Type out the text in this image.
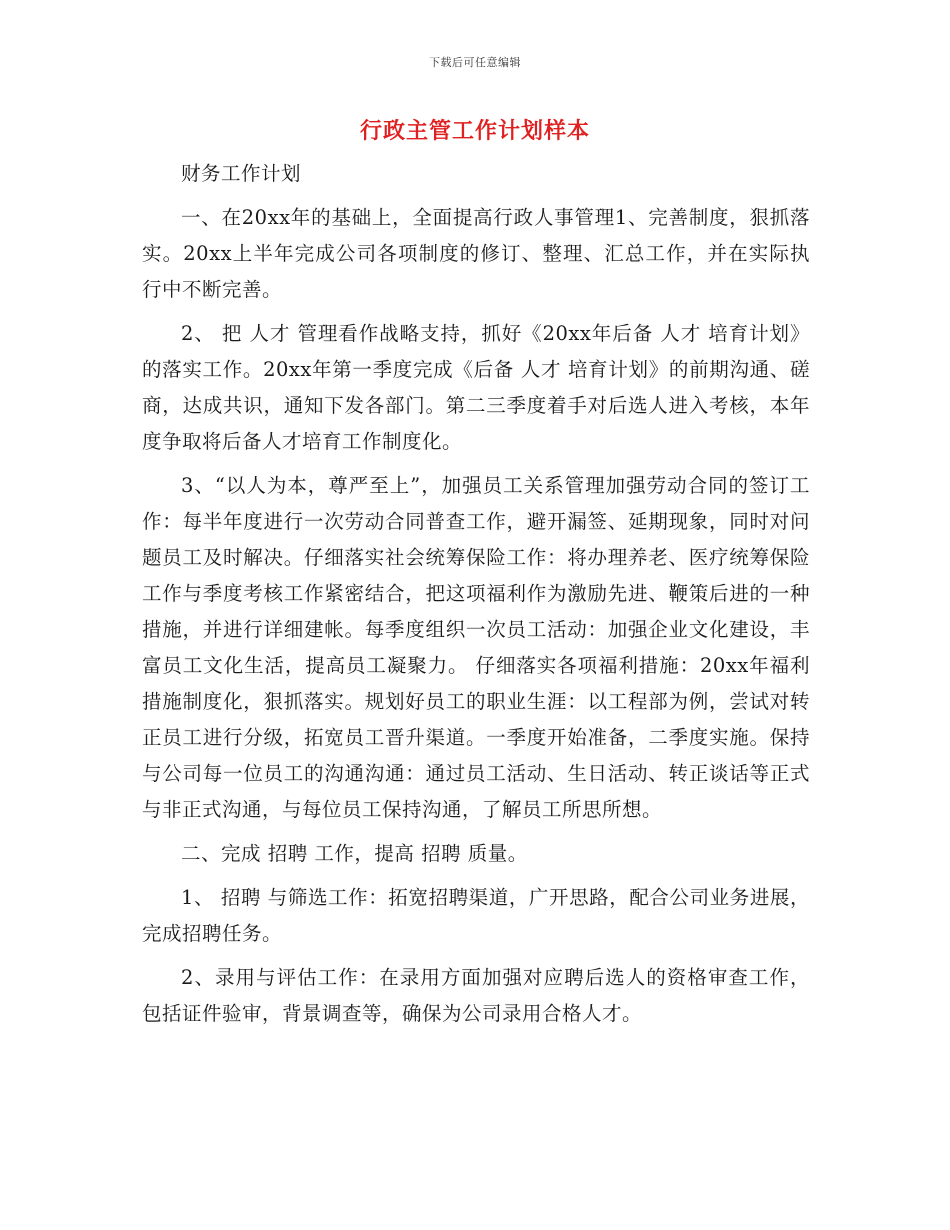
下载后可任意编辑
行政主管工作计划样本

财务工作计划

一、在20xx年的基础上，全面提高行政人事管理1、完善制度，狠抓落实。20xx上半年完成公司各项制度的修订、整理、汇总工作，并在实际执行中不断完善。

2、 把 人才 管理看作战略支持，抓好《20xx年后备 人才 培育计划》的落实工作。20xx年第一季度完成《后备 人才 培育计划》的前期沟通、磋商，达成共识，通知下发各部门。第二三季度着手对后选人进入考核，本年度争取将后备人才培育工作制度化。

3、“以人为本，尊严至上”，加强员工关系管理加强劳动合同的签订工作：每半年度进行一次劳动合同普查工作，避开漏签、延期现象，同时对问题员工及时解决。仔细落实社会统筹保险工作：将办理养老、医疗统筹保险工作与季度考核工作紧密结合，把这项福利作为激励先进、鞭策后进的一种措施，并进行详细建帐。每季度组织一次员工活动：加强企业文化建设，丰富员工文化生活，提高员工凝聚力。 仔细落实各项福利措施：20xx年福利措施制度化，狠抓落实。规划好员工的职业生涯：以工程部为例，尝试对转正员工进行分级，拓宽员工晋升渠道。一季度开始准备，二季度实施。保持与公司每一位员工的沟通沟通：通过员工活动、生日活动、转正谈话等正式与非正式沟通，与每位员工保持沟通，了解员工所思所想。

二、完成 招聘 工作，提高 招聘 质量。

1、 招聘 与筛选工作：拓宽招聘渠道，广开思路，配合公司业务进展，完成招聘任务。

2、录用与评估工作：在录用方面加强对应聘后选人的资格审查工作，包括证件验审，背景调查等，确保为公司录用合格人才。
